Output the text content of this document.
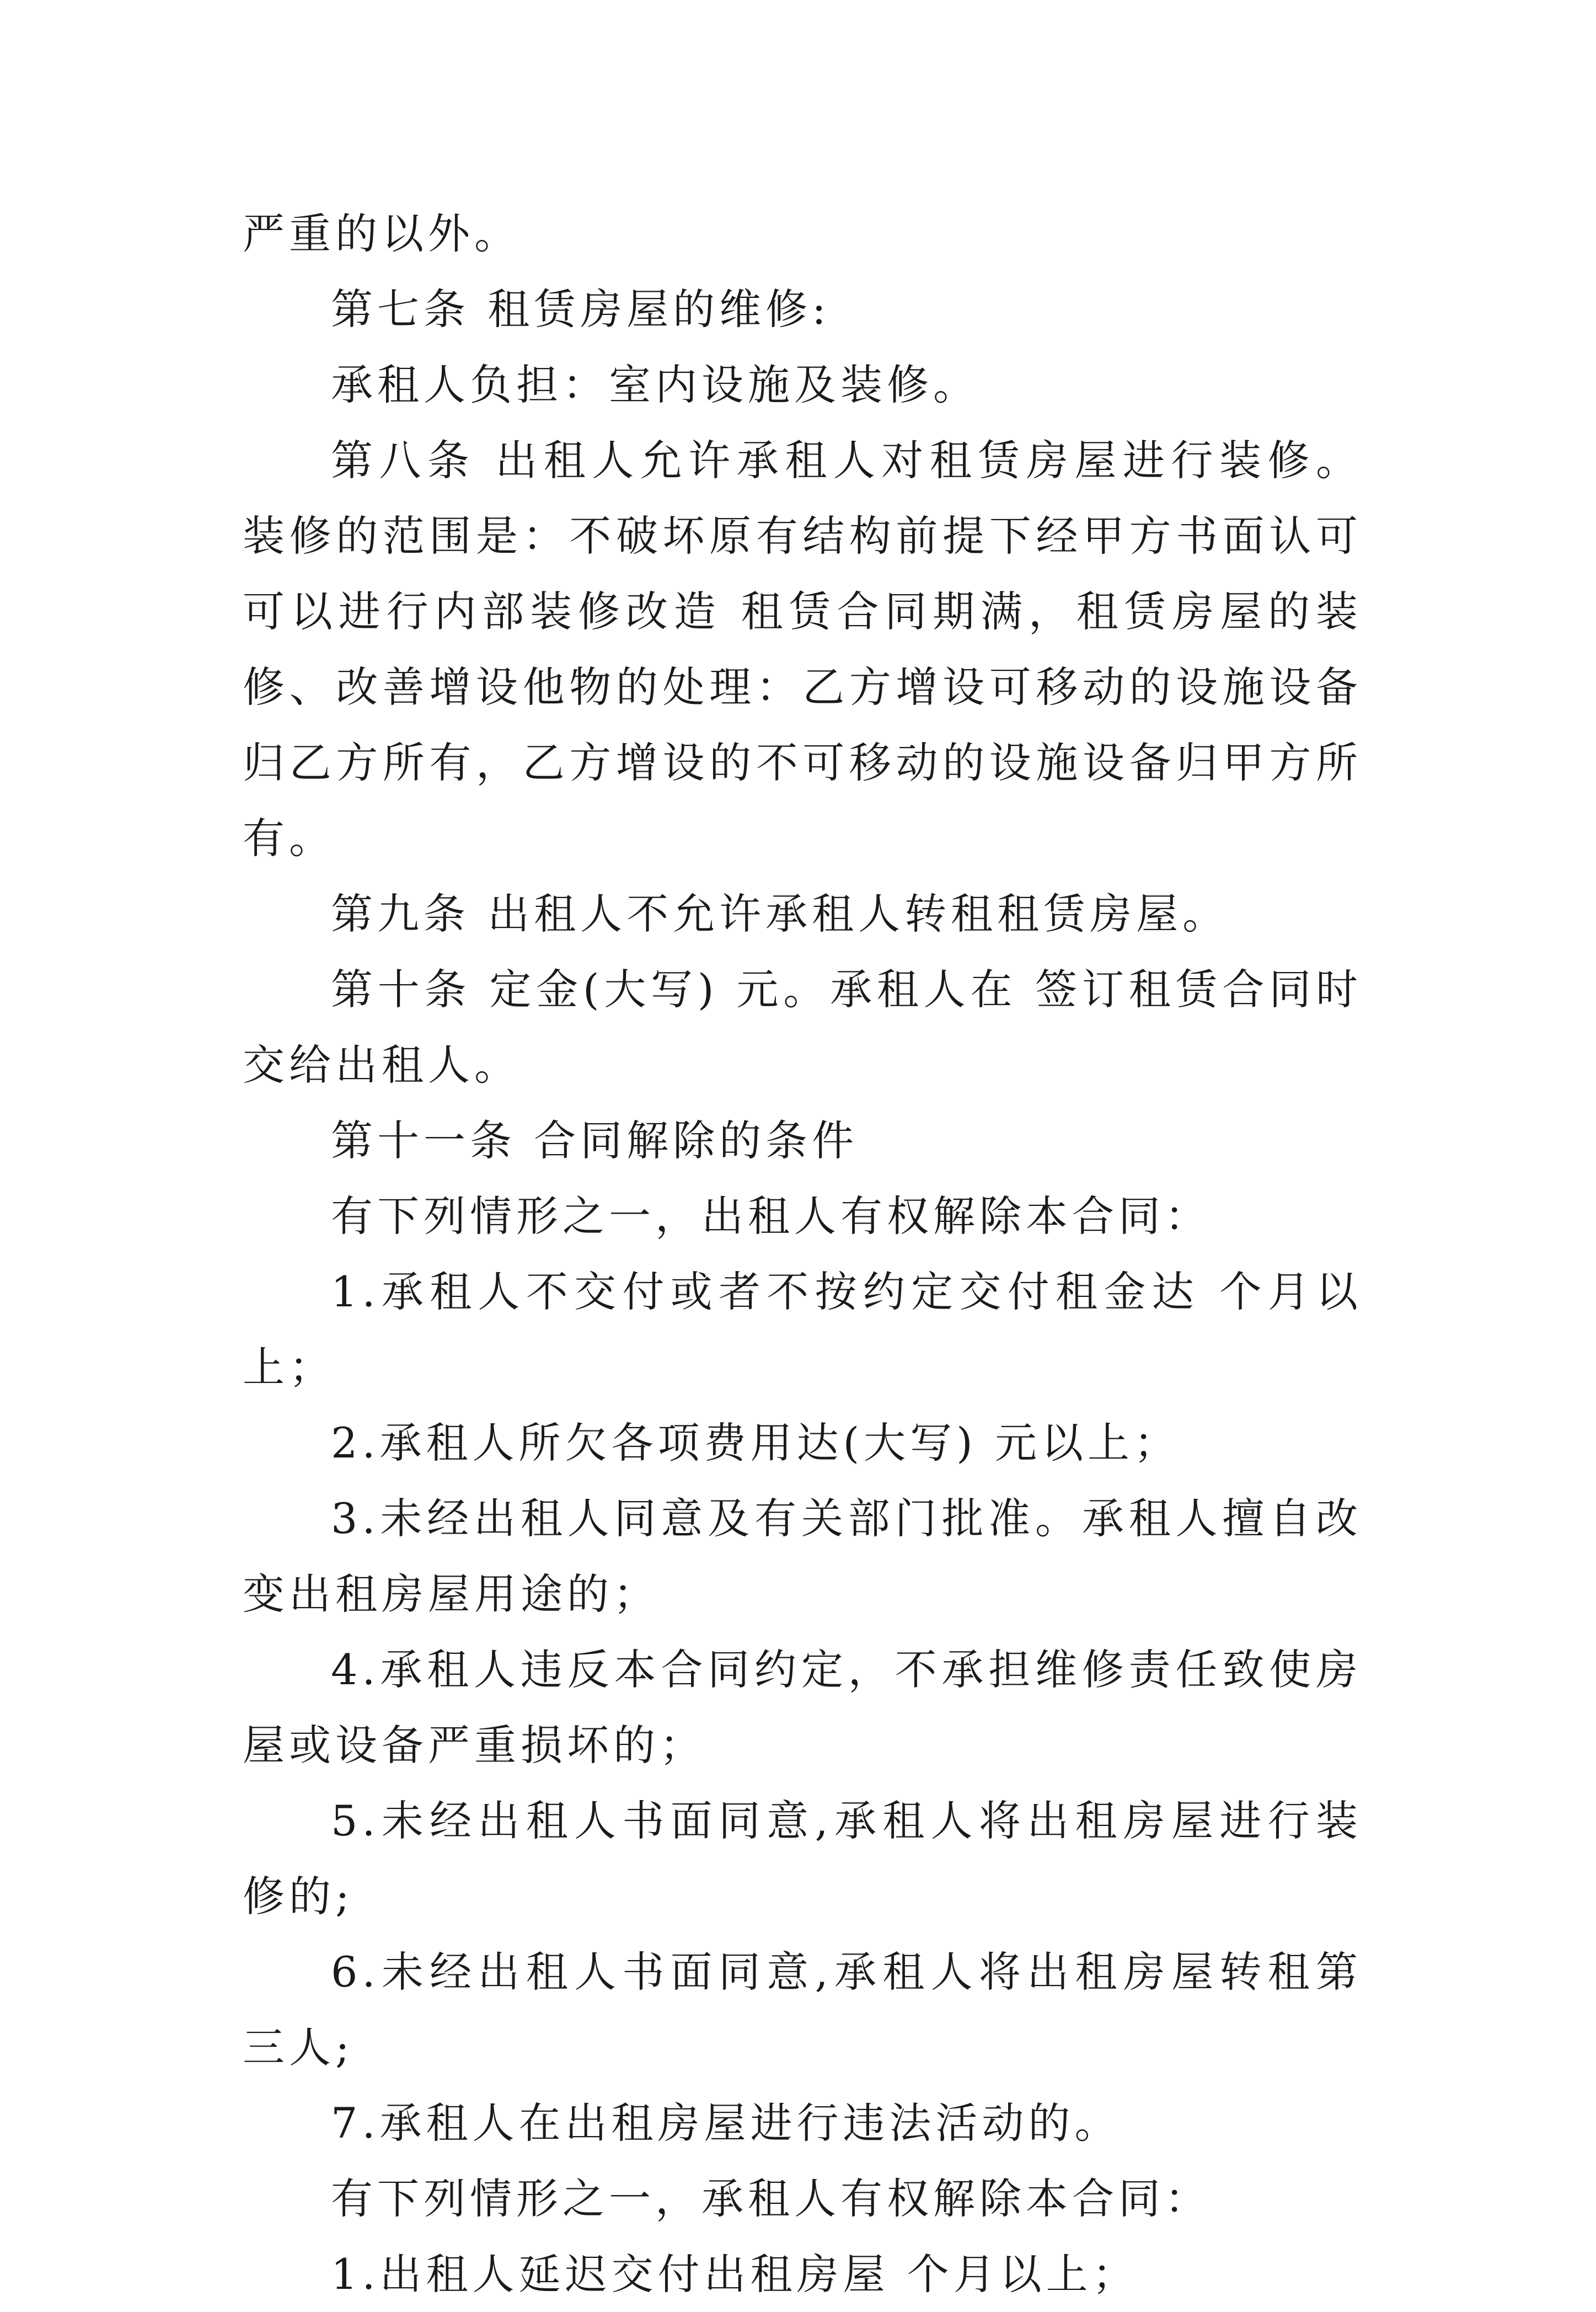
严重的以外。

第七条 租赁房屋的维修:

承租人负担：室内设施及装修。

第八条 出租人允许承租人对租赁房屋进行装修。装修的范围是：不破坏原有结构前提下经甲方书面认可可以进行内部装修改造 租赁合同期满，租赁房屋的装修、改善增设他物的处理：乙方增设可移动的设施设备归乙方所有，乙方增设的不可移动的设施设备归甲方所有。

第九条 出租人不允许承租人转租租赁房屋。

第十条 定金(大写) 元。承租人在 签订租赁合同时 交给出租人。

第十一条 合同解除的条件

有下列情形之一，出租人有权解除本合同：

1.承租人不交付或者不按约定交付租金达 个月以上；

2.承租人所欠各项费用达(大写) 元以上；

3.未经出租人同意及有关部门批准。承租人擅自改变出租房屋用途的；

4.承租人违反本合同约定，不承担维修责任致使房屋或设备严重损坏的；

5.未经出租人书面同意,承租人将出租房屋进行装修的;

6.未经出租人书面同意,承租人将出租房屋转租第三人;

7.承租人在出租房屋进行违法活动的。

有下列情形之一，承租人有权解除本合同：

1.出租人延迟交付出租房屋 个月以上；
